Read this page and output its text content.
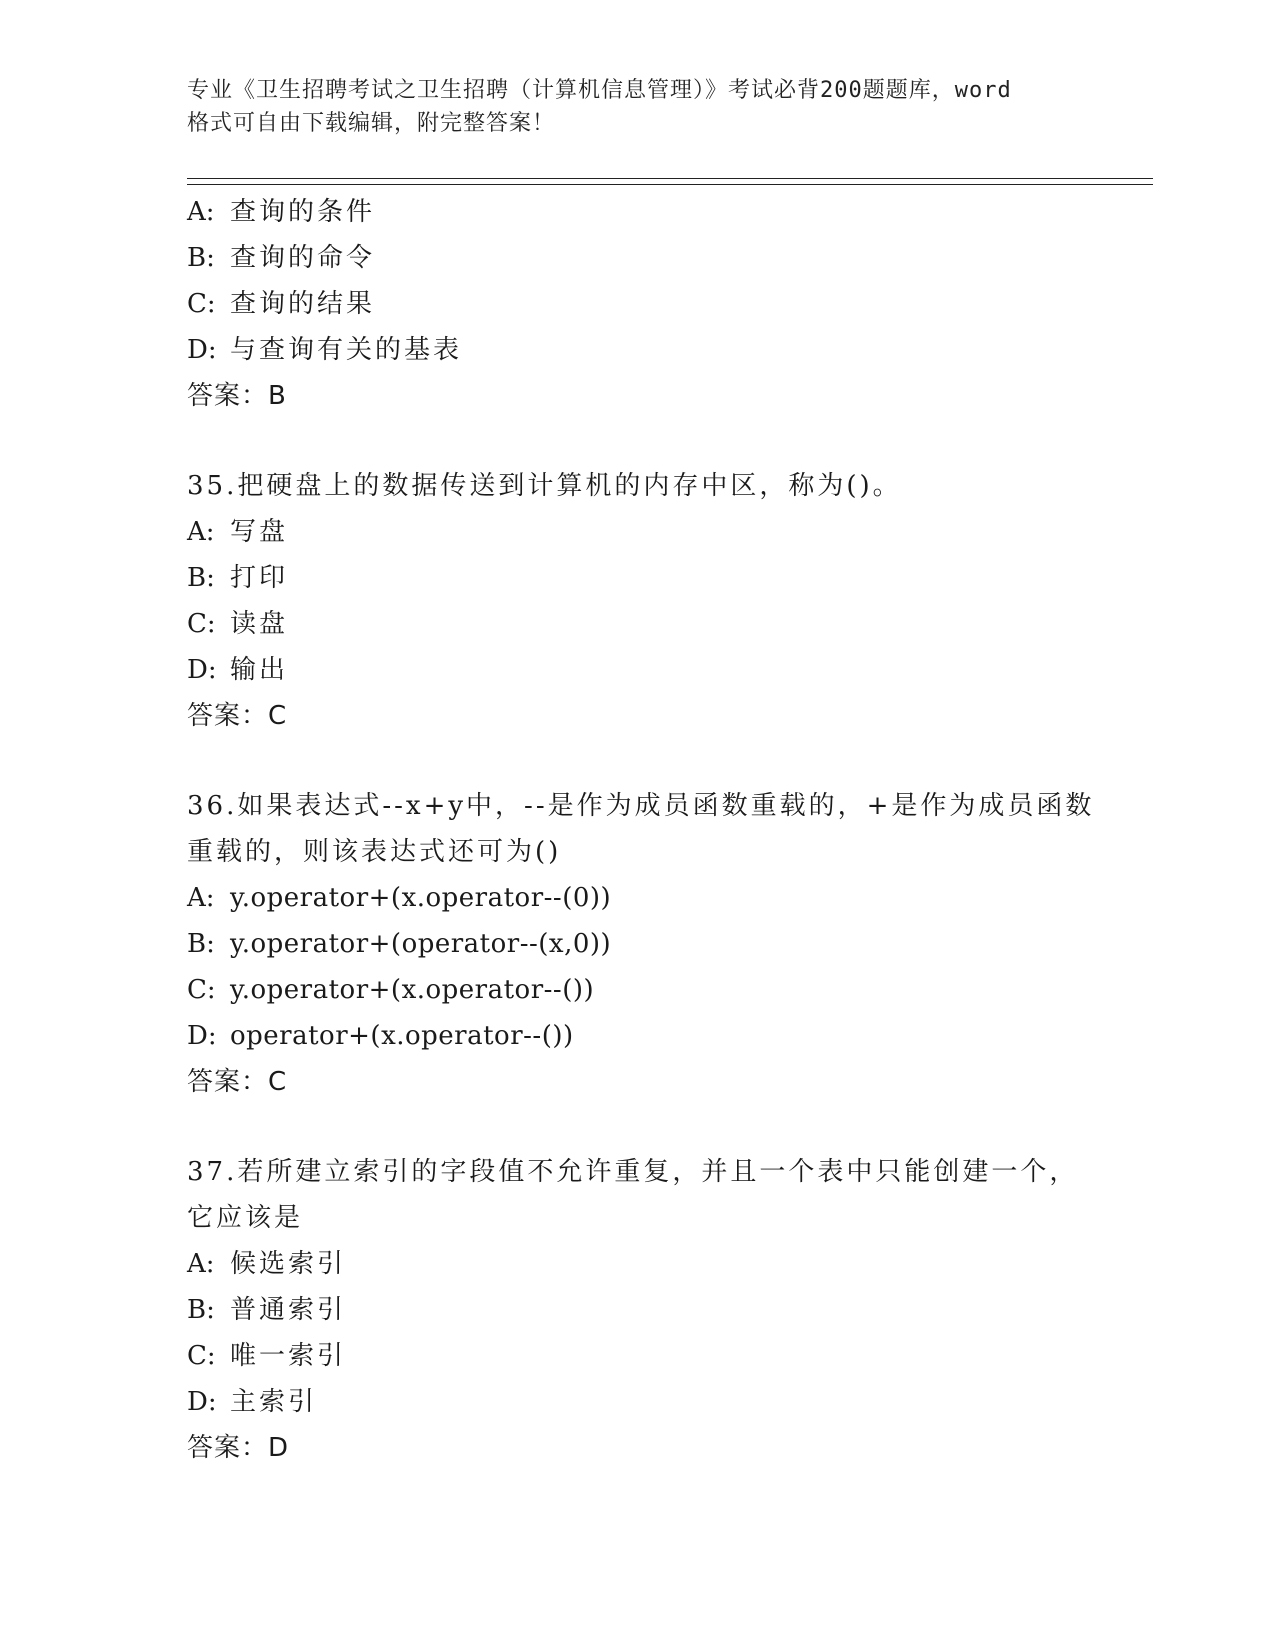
专业《卫生招聘考试之卫生招聘（计算机信息管理）》考试必背200题题库，word
格式可自由下载编辑，附完整答案！
A: 查询的条件
B: 查询的命令
C: 查询的结果
D: 与查询有关的基表
答案：B
35.把硬盘上的数据传送到计算机的内存中区，称为()。
A: 写盘
B: 打印
C: 读盘
D: 输出
答案：C
36.如果表达式--x+y中，--是作为成员函数重载的，+是作为成员函数
重载的，则该表达式还可为()
A: y.operator+(x.operator--(0))
B: y.operator+(operator--(x,0))
C: y.operator+(x.operator--())
D: operator+(x.operator--())
答案：C
37.若所建立索引的字段值不允许重复，并且一个表中只能创建一个，
它应该是
A: 候选索引
B: 普通索引
C: 唯一索引
D: 主索引
答案：D
